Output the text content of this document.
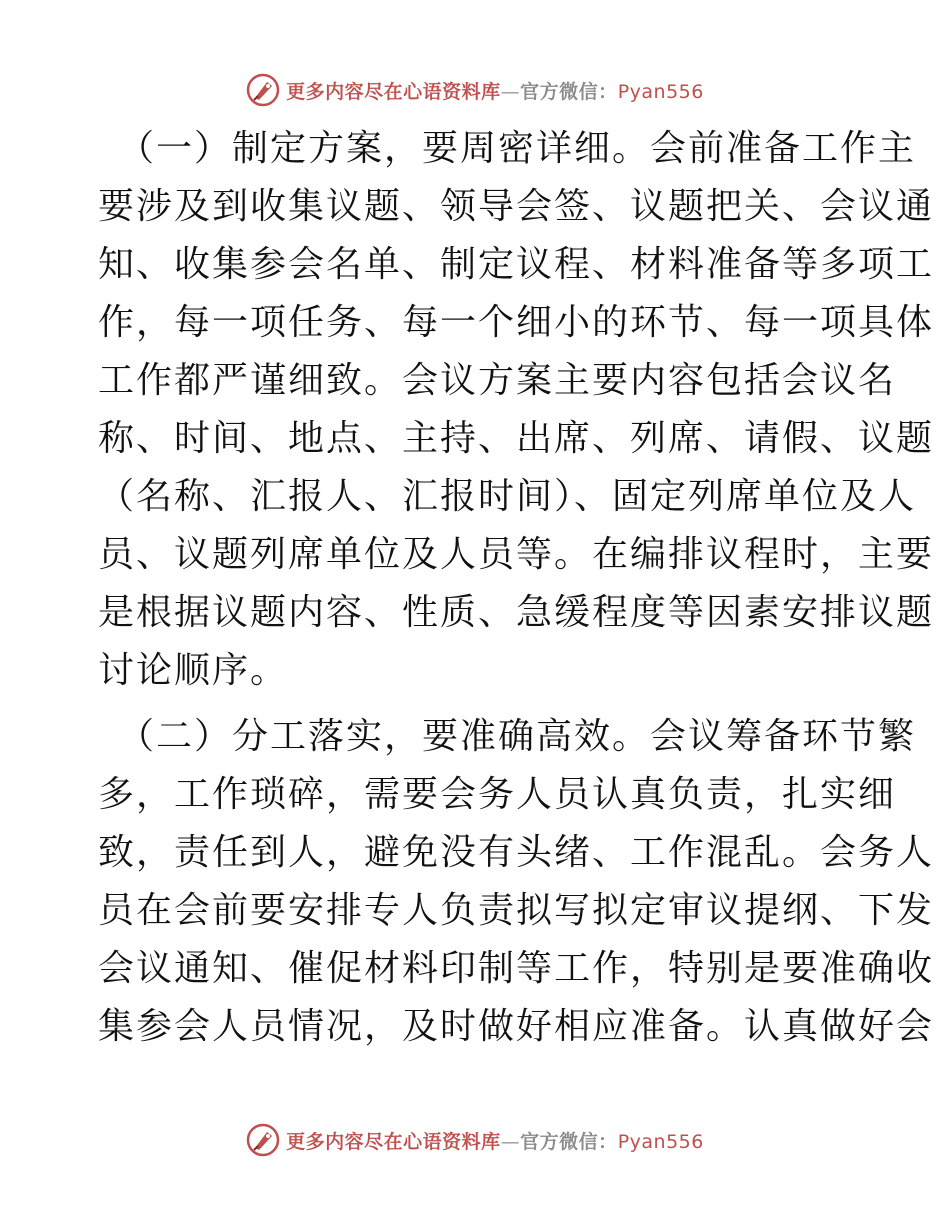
更多内容尽在心语资料库—官方微信：Pyan556
（一）制定方案，要周密详细。会前准备工作主
要涉及到收集议题、领导会签、议题把关、会议通
知、收集参会名单、制定议程、材料准备等多项工
作，每一项任务、每一个细小的环节、每一项具体
工作都严谨细致。会议方案主要内容包括会议名
称、时间、地点、主持、出席、列席、请假、议题
（名称、汇报人、汇报时间）、固定列席单位及人
员、议题列席单位及人员等。在编排议程时，主要
是根据议题内容、性质、急缓程度等因素安排议题
讨论顺序。
（二）分工落实，要准确高效。会议筹备环节繁
多，工作琐碎，需要会务人员认真负责，扎实细
致，责任到人，避免没有头绪、工作混乱。会务人
员在会前要安排专人负责拟写拟定审议提纲、下发
会议通知、催促材料印制等工作，特别是要准确收
集参会人员情况，及时做好相应准备。认真做好会
更多内容尽在心语资料库—官方微信：Pyan556
